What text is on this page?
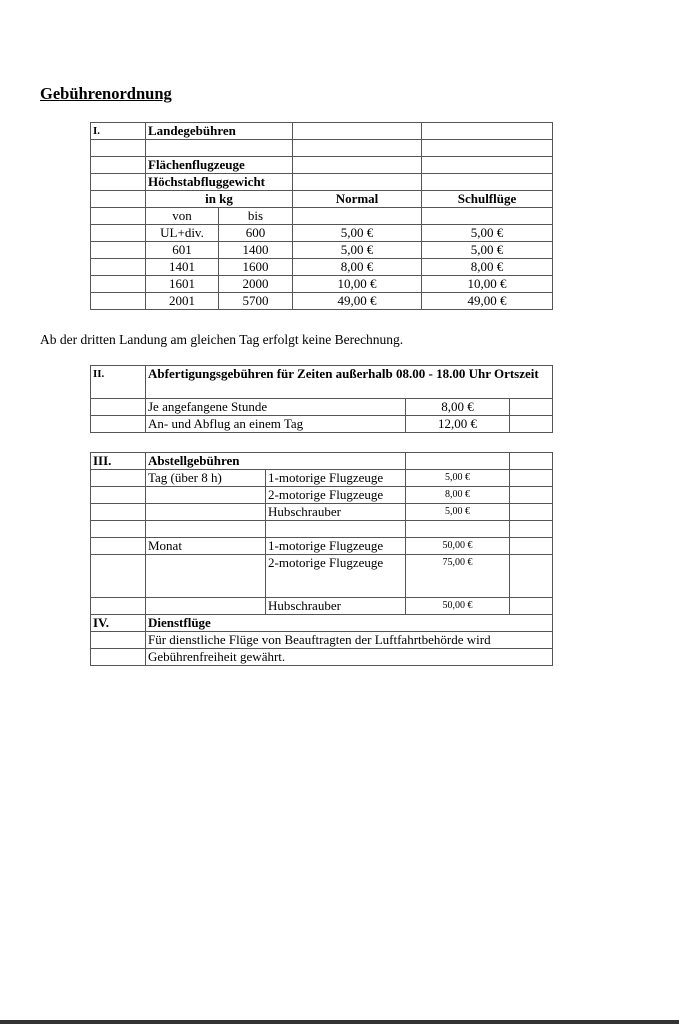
Gebührenordnung
I.	Landegebühren			

	Flächenflugzeuge			
	Höchstabfluggewicht			
	in kg		Normal	Schulflüge
	von	bis		
	UL+div.	600	5,00 €	5,00 €
	601	1400	5,00 €	5,00 €
	1401	1600	8,00 €	8,00 €
	1601	2000	10,00 €	10,00 €
	2001	5700	49,00 €	49,00 €
Ab der dritten Landung am gleichen Tag erfolgt keine Berechnung.
II.	Abfertigungsgebühren für Zeiten außerhalb 08.00 - 18.00 Uhr Ortszeit		
	Je angefangene Stunde	8,00 €	
	An- und Abflug an einem Tag	12,00 €	
III.	Abstellgebühren			
	Tag (über 8 h)	1-motorige Flugzeuge	5,00 €	
		2-motorige Flugzeuge	8,00 €	
		Hubschrauber	5,00 €	

	Monat	1-motorige Flugzeuge	50,00 €	
		2-motorige Flugzeuge	75,00 €	
		Hubschrauber	50,00 €	
IV.	Dienstflüge			
	Für dienstliche Flüge von Beauftragten der Luftfahrtbehörde wird			
	Gebührenfreiheit gewährt.			
